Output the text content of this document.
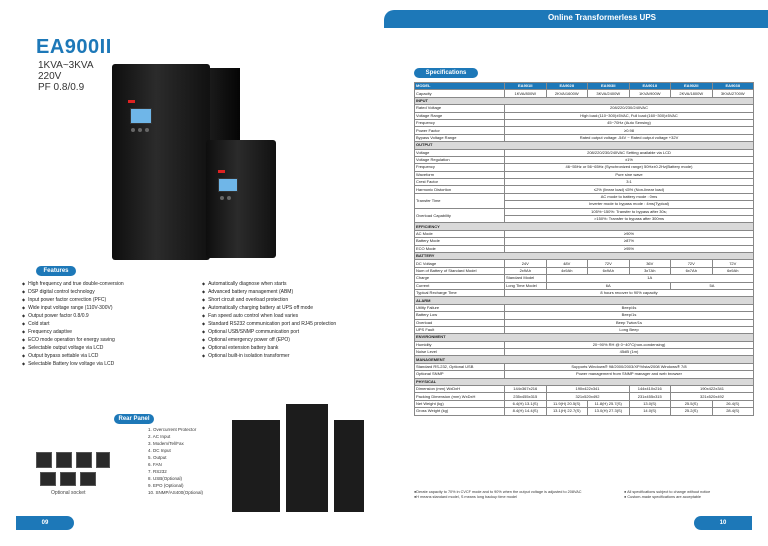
Online Transformerless UPS
EA900II
1KVA~3KVA
220V
PF 0.8/0.9
Features
◆ High frequency and true double-conversion
◆ DSP digital control technology
◆ Input power factor correction (PFC)
◆ Wide input voltage range (110V-300V)
◆ Output power factor 0.8/0.9
◆ Cold start
◆ Frequency adaptive
◆ ECO mode operation for energy saving
◆ Selectable output voltage via LCD
◆ Output bypass settable via LCD
◆ Selectable Battery low voltage via LCD
◆ Automatically diagnose when starts
◆ Advanced battery management (ABM)
◆ Short circuit and overload protection
◆ Automatically charging battery at UPS off mode
◆ Fan speed auto control when load varies
◆ Standard RS232 communication port and RJ45 protection
◆ Optional USB/SNMP communication port
◆ Optional emergency power off (EPO)
◆ Optional extension battery bank
◆ Optional built-in isolation transformer
Optional socket
Rear Panel
1. Overcurrent Protector
2. AC Input
3. Modem/Tel/Fax
4. DC Input
5. Output
6. FAN
7. RS232
8. USB(Optional)
9. EPO (Optional)
10. SNMP/AS400(Optional)
09
Specifications
MODEL	EA901II	EA902II	EA903II	EA901II	EA902II	EA903II
Capacity	1KVA/800W	2KVA/1600W	3KVA/2400W	1KVA/900W	2KVA/1800W	3KVA/2700W
INPUT						
Rated Voltage	208/220/230/240VAC					
Voltage Range	High load:(110~300)±5VAC, Full load:(160~300)±5VAC					
Frequency	45~70Hz (Auto Sensing)					
Power Factor	≥0.98					
Bypass Voltage Range	Rated output voltage -54V ~ Rated output voltage +32V					
OUTPUT						
Voltage	208/220/230/240VAC Setting available via LCD					
Voltage Regulation	±1%					
Frequency	46~55Hz or 56~65Hz (Synchronized range) 50Hz±0.2Hz(Battery mode)					
Waveform	Pure sine wave					
Crest Factor	3:1					
Harmonic Distortion	≤2% (linear load) ≤5% (Non-linear load)					
Transfer Time	AC mode to battery mode : 0ms					
	Inverter mode to bypass mode : 4ms(Typical)					
Overload Capability	105%~150%: Transfer to bypass after 30s;					
	>150%: Transfer to bypass after 300ms					
EFFICIENCY						
AC Mode	≥90%					
Battery Mode	≥87%					
ECO Mode	≥95%					
BATTERY						
DC Voltage	24V	48V	72V	36V	72V	72V
Num of Battery of Standard Model	2x9Ah	4x9Ah	6x9Ah	3x7Ah	6x7Ah	6x9Ah
Charge	Standard Model	1A				
Current	Long Time Model	6A			5A	
Typical Recharge Time	8 hours recover to 90% capacity					
ALARM						
Utility Failure	Beep/4s					
Battery Low	Beep/1s					
Overload	Beep Twice/1s					
UPS Fault	Long Beep					
ENVIRONMENT						
Humidity	20~90% RH @ 0~40°C(non-condensing)					
Noise Level	45dB (1m)					
MANAGEMENT						
Standard RS-232, Optional USB	Supports Windows® 98/2000/2003/XP/Vista/2008 Windows® 7/8					
Optional SNMP	Power management from SNMP manager and web browser					
PHYSICAL						
Dimension (mm) WxDxH	144x367x216	190x422x341		144x410x216	190x422x341	
Packing Dimension (mm) WxDxH	235x455x315	321x520x492		231x455x315	321x520x492	
Net Weight (kg)	6.4(H) 13.1(S)	11.9(H) 20.5(S)	11.8(H) 25.7(S)	13.0(S)	25.5(S)	26.4(S)
Gross Weight (kg)	8.4(H) 14.4(S)	13.1(H) 22.7(S)	13.0(H) 27.3(S)	14.0(S)	25.2(S)	28.4(S)
●Derate capacity to 70% in CVCF mode and to 90% when the output voltage is adjusted to 208VAC
●H means standard model, S means long backup time model
● All specifications subject to change without notice
● Custom-made specifications are acceptable
10
